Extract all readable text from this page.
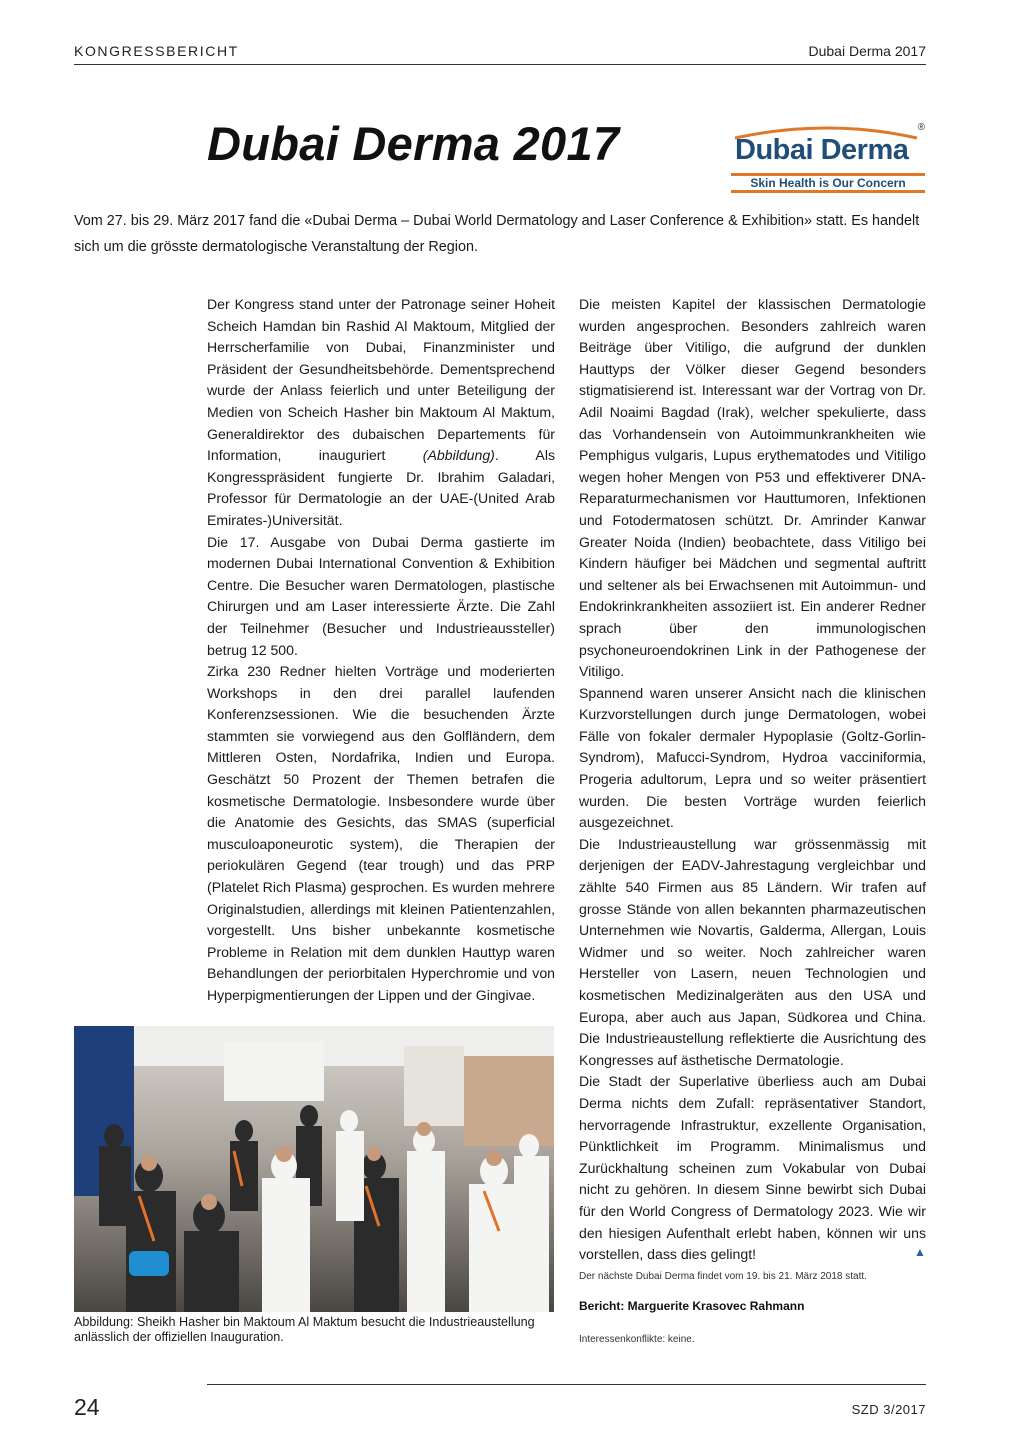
KONGRESSBERICHT	Dubai Derma 2017
Dubai Derma 2017	®
Dubai Derma
Skin Health is Our Concern
Vom 27. bis 29. März 2017 fand die «Dubai Derma – Dubai World Dermatology and Laser Conference & Exhibition» statt. Es handelt sich um die grösste dermatologische Veranstaltung der Region.

Der Kongress stand unter der Patronage seiner Hoheit Scheich Hamdan bin Rashid Al Maktoum, Mitglied der Herrscherfamilie von Dubai, Finanzminister und Präsident der Gesundheitsbehörde. Dementsprechend wurde der Anlass feierlich und unter Beteiligung der Medien von Scheich Hasher bin Maktoum Al Maktum, Generaldirektor des dubaischen Departements für Information, inauguriert (Abbildung). Als Kongresspräsident fungierte Dr. Ibrahim Galadari, Professor für Dermatologie an der UAE-(United Arab Emirates-)Universität.

Die 17. Ausgabe von Dubai Derma gastierte im modernen Dubai International Convention & Exhibition Centre. Die Besucher waren Dermatologen, plastische Chirurgen und am Laser interessierte Ärzte. Die Zahl der Teilnehmer (Besucher und Industrieaussteller) betrug 12 500.

Zirka 230 Redner hielten Vorträge und moderierten Workshops in den drei parallel laufenden Konferenzsessionen. Wie die besuchenden Ärzte stammten sie vorwiegend aus den Golfländern, dem Mittleren Osten, Nordafrika, Indien und Europa. Geschätzt 50 Prozent der Themen betrafen die kosmetische Dermatologie. Insbesondere wurde über die Anatomie des Gesichts, das SMAS (superficial musculoaponeurotic system), die Therapien der periokulären Gegend (tear trough) und das PRP (Platelet Rich Plasma) gesprochen. Es wurden mehrere Originalstudien, allerdings mit kleinen Patientenzahlen, vorgestellt. Uns bisher unbekannte kosmetische Probleme in Relation mit dem dunklen Hauttyp waren Behandlungen der periorbitalen Hyperchromie und von Hyperpigmentierungen der Lippen und der Gingivae.

Die meisten Kapitel der klassischen Dermatologie wurden angesprochen. Besonders zahlreich waren Beiträge über Vitiligo, die aufgrund der dunklen Hauttyps der Völker dieser Gegend besonders stigmatisierend ist. Interessant war der Vortrag von Dr. Adil Noaimi Bagdad (Irak), welcher spekulierte, dass das Vorhandensein von Autoimmunkrankheiten wie Pemphigus vulgaris, Lupus erythematodes und Vitiligo wegen hoher Mengen von P53 und effektiverer DNA-Reparaturmechanismen vor Hauttumoren, Infektionen und Fotodermatosen schützt. Dr. Amrinder Kanwar Greater Noida (Indien) beobachtete, dass Vitiligo bei Kindern häufiger bei Mädchen und segmental auftritt und seltener als bei Erwachsenen mit Autoimmun- und Endokrinkrankheiten assoziiert ist. Ein anderer Redner sprach über den immunologischen psychoneuroendokrinen Link in der Pathogenese der Vitiligo.

Spannend waren unserer Ansicht nach die klinischen Kurzvorstellungen durch junge Dermatologen, wobei Fälle von fokaler dermaler Hypoplasie (Goltz-Gorlin-Syndrom), Mafucci-Syndrom, Hydroa vacciniformia, Progeria adultorum, Lepra und so weiter präsentiert wurden. Die besten Vorträge wurden feierlich ausgezeichnet.

Die Industrieaustellung war grössenmässig mit derjenigen der EADV-Jahrestagung vergleichbar und zählte 540 Firmen aus 85 Ländern. Wir trafen auf grosse Stände von allen bekannten pharmazeutischen Unternehmen wie Novartis, Galderma, Allergan, Louis Widmer und so weiter. Noch zahlreicher waren Hersteller von Lasern, neuen Technologien und kosmetischen Medizinalgeräten aus den USA und Europa, aber auch aus Japan, Südkorea und China. Die Industrieaustellung reflektierte die Ausrichtung des Kongresses auf ästhetische Dermatologie.

Die Stadt der Superlative überliess auch am Dubai Derma nichts dem Zufall: repräsentativer Standort, hervorragende Infrastruktur, exzellente Organisation, Pünktlichkeit im Programm. Minimalismus und Zurückhaltung scheinen zum Vokabular von Dubai nicht zu gehören. In diesem Sinne bewirbt sich Dubai für den World Congress of Dermatology 2023. Wie wir den hiesigen Aufenthalt erlebt haben, können wir uns vorstellen, dass dies gelingt!

Abbildung: Sheikh Hasher bin Maktoum Al Maktum besucht die Industrieaustellung anlässlich der offiziellen Inauguration.
▲
Der nächste Dubai Derma findet vom 19. bis 21. März 2018 statt.
Bericht: Marguerite Krasovec Rahmann
Interessenkonflikte: keine.
24	SZD 3/2017
